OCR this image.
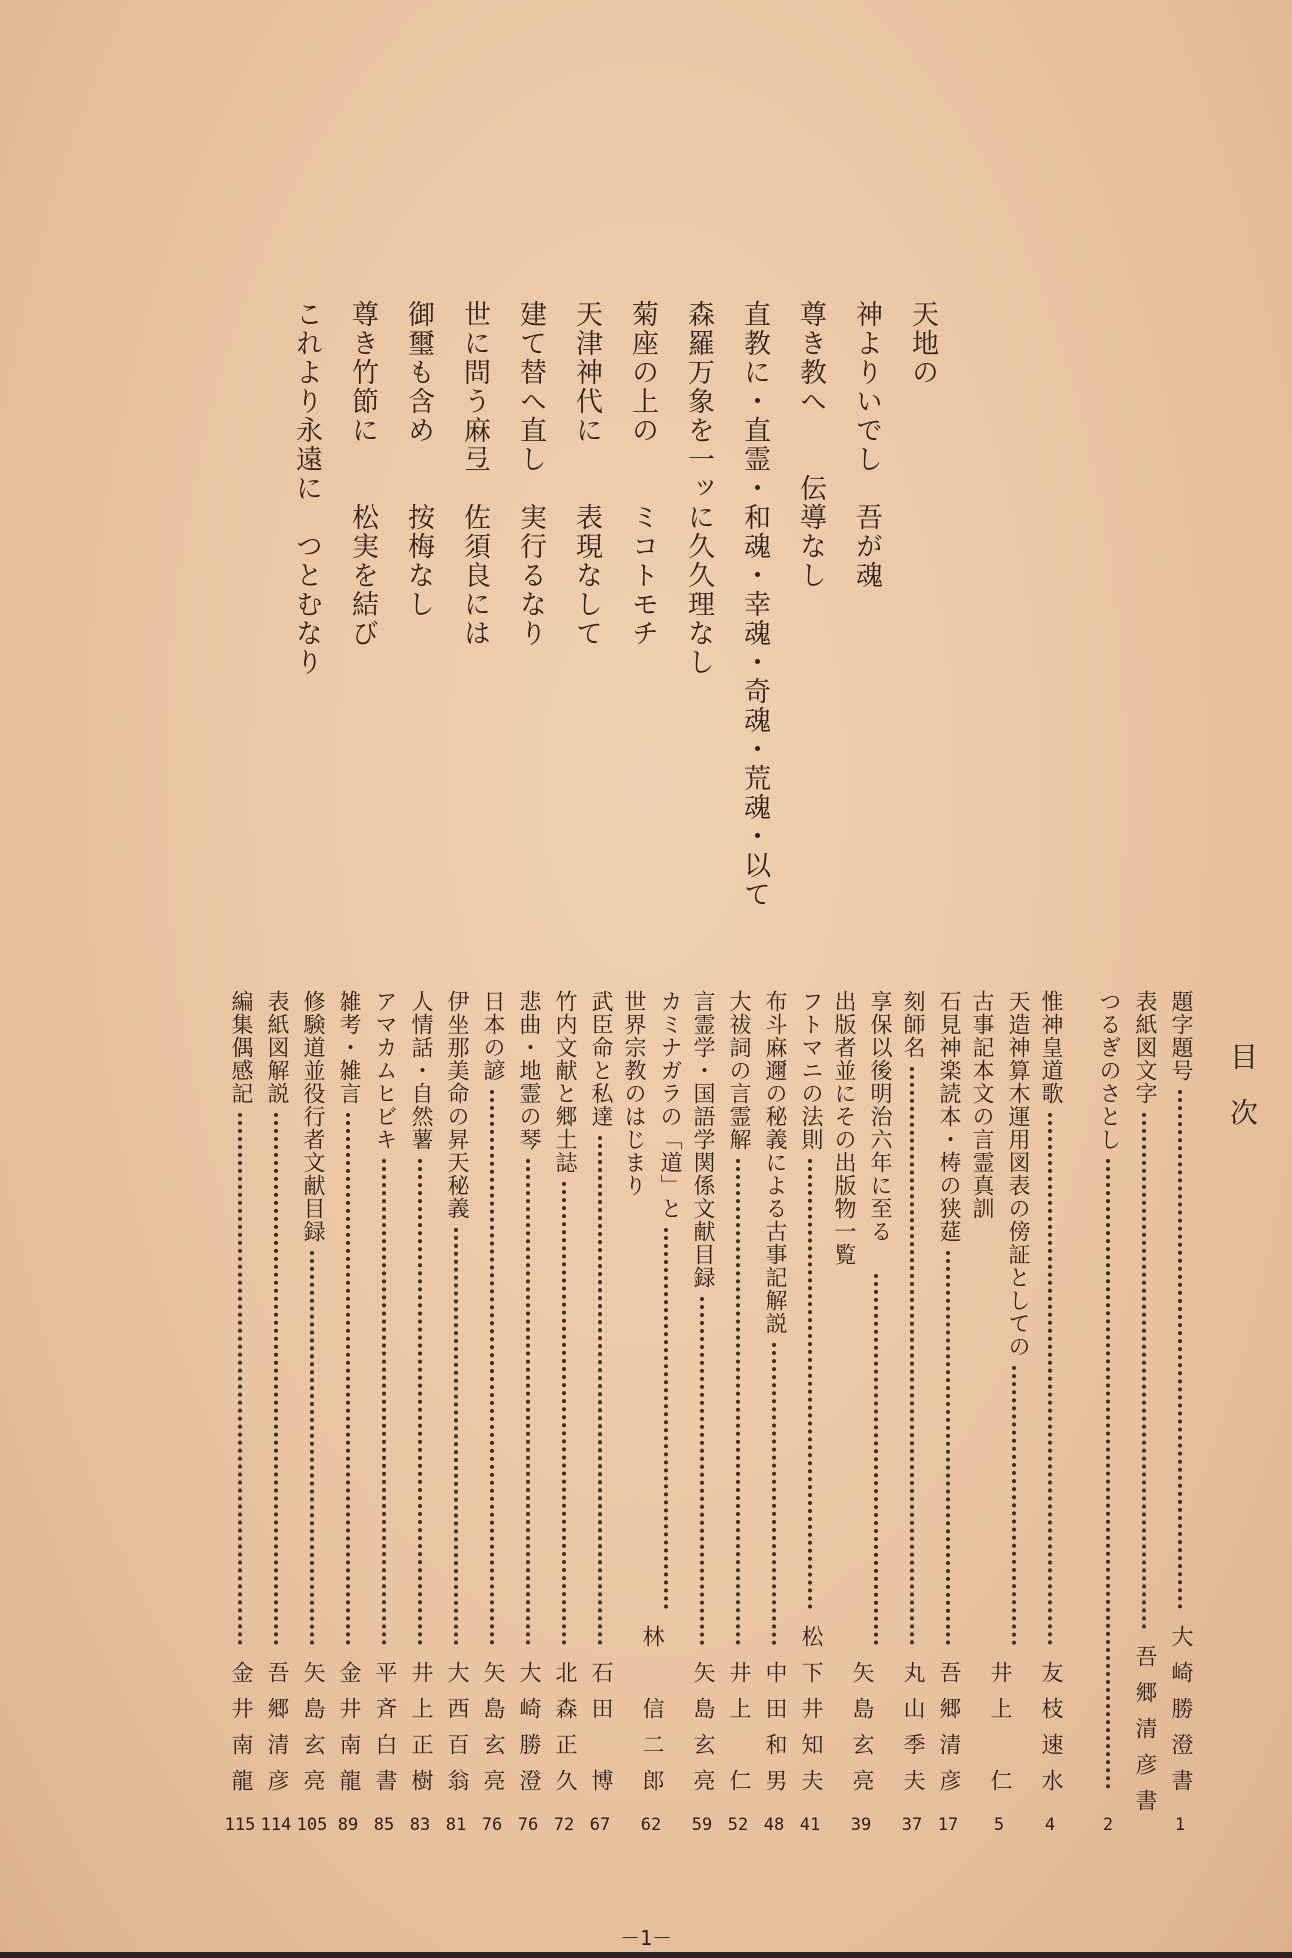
天地の
神よりいでし　吾が魂
尊き教へ　　伝導なし
直教に・直霊・和魂・幸魂・奇魂・荒魂・以て
森羅万象を一ッに久久理なし
菊座の上の　　ミコトモチ
天津神代に　　表現なして
建て替へ直し　実行るなり
世に問う麻弖　佐須良には
御璽も含め　　按梅なし
尊き竹節に　　松実を結び
これより永遠に　つとむなり
目次
題字題号
大崎勝澄書
1
表紙図文字
吾郷清彦書
つるぎのさとし
2
惟神皇道歌
友枝速水
4
天造神算木運用図表の傍証としての
古事記本文の言霊真訓
井上　仁
5
石見神楽読本・梼の狭莚
吾郷清彦
17
刻師名
丸山季夫
37
享保以後明治六年に至る
出版者並にその出版物一覧
矢島玄亮
39
フトマニの法則
松下井知夫
41
布斗麻邇の秘義による古事記解説
中田和男
48
大祓詞の言霊解
井上　仁
52
言霊学・国語学関係文献目録
矢島玄亮
59
カミナガラの「道」と
世界宗教のはじまり
林　信二郎
62
武臣命と私達
石田　博
67
竹内文献と郷土誌
北森正久
72
悲曲・地霊の琴
大崎勝澄
76
日本の諺
矢島玄亮
76
伊坐那美命の昇天秘義
大西百翁
81
人情話・自然薯
井上正樹
83
アマカムヒビキ
平斉白書
85
雑考・雑言
金井南龍
89
修験道並役行者文献目録
矢島玄亮
105
表紙図解説
吾郷清彦
114
編集偶感記
金井南龍
115
－1－
